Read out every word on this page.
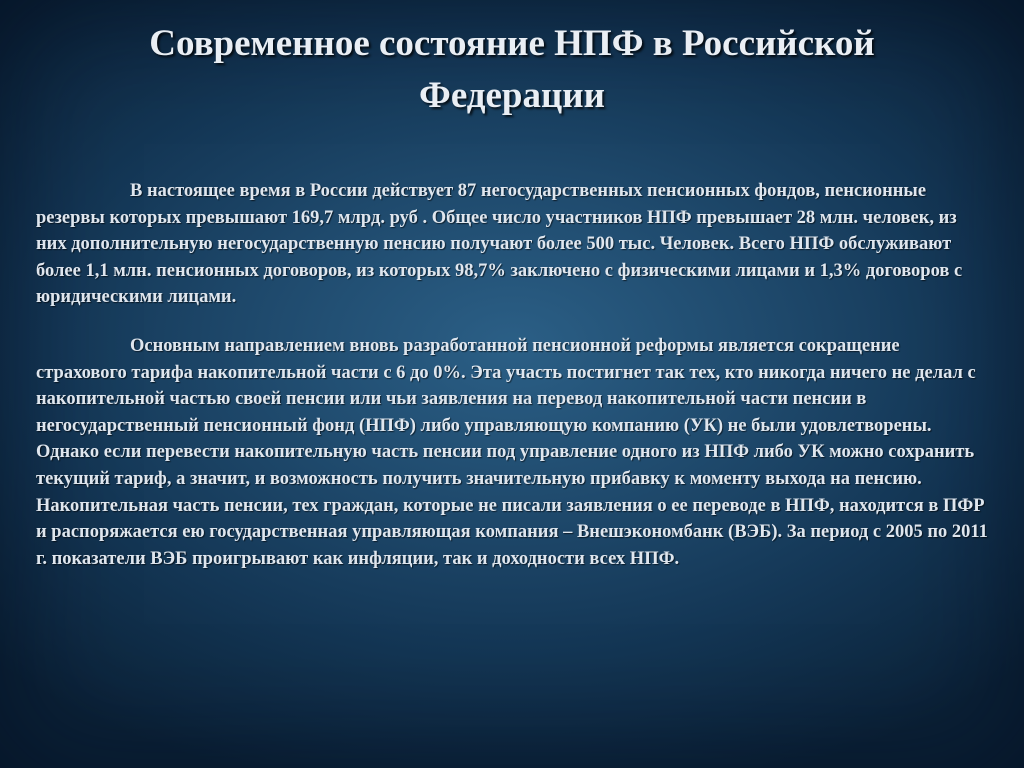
Современное состояние НПФ в Российской Федерации

В настоящее время в России действует 87 негосударственных пенсионных фондов, пенсионные резервы которых превышают 169,7 млрд. руб . Общее число участников НПФ превышает 28 млн. человек, из них дополнительную негосударственную пенсию получают более 500 тыс. Человек. Всего НПФ обслуживают более 1,1 млн. пенсионных договоров, из которых 98,7% заключено с физическими лицами и 1,3% договоров с юридическими лицами.

Основным направлением вновь разработанной пенсионной реформы является сокращение страхового тарифа накопительной части с 6 до 0%. Эта участь постигнет так тех, кто никогда ничего не делал с накопительной частью своей пенсии или чьи заявления на перевод накопительной части пенсии в негосударственный пенсионный фонд (НПФ) либо управляющую компанию (УК) не были удовлетворены. Однако если перевести накопительную часть пенсии под управление одного из НПФ либо УК можно сохранить текущий тариф, а значит, и возможность получить значительную прибавку к моменту выхода на пенсию. Накопительная часть пенсии, тех граждан, которые не писали заявления о ее переводе в НПФ, находится в ПФР и распоряжается ею государственная управляющая компания – Внешэкономбанк (ВЭБ). За период с 2005 по 2011 г. показатели ВЭБ проигрывают как инфляции, так и доходности всех НПФ.
